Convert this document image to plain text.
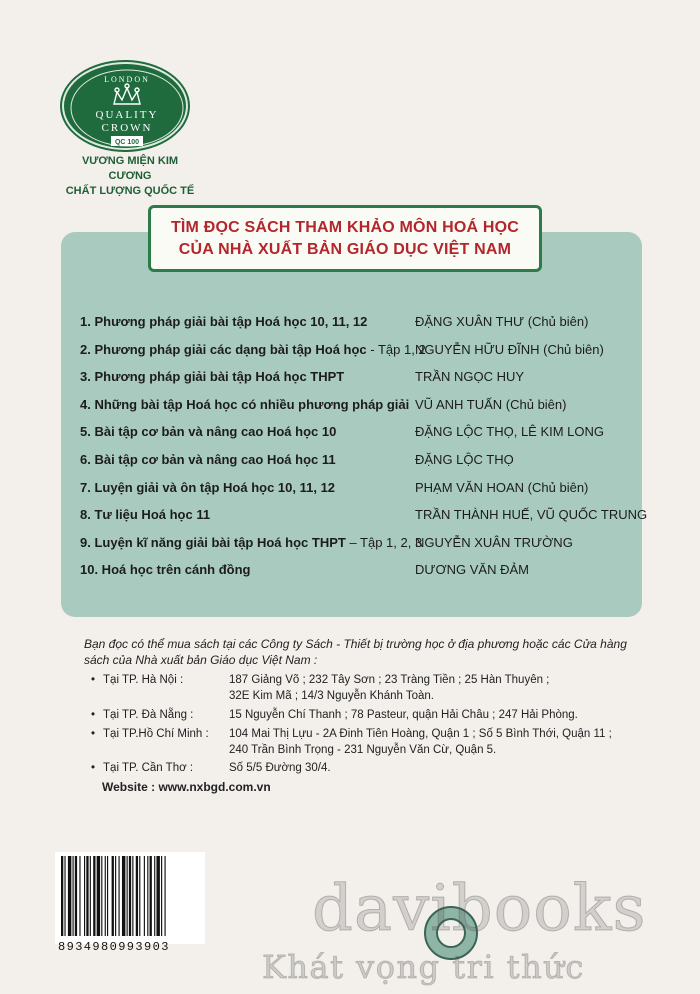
LONDON
QUALITY
CROWN
QC 100
VƯƠNG MIỆN KIM CƯƠNG
CHẤT LƯỢNG QUỐC TẾ
TÌM ĐỌC SÁCH THAM KHẢO MÔN HOÁ HỌC
CỦA NHÀ XUẤT BẢN GIÁO DỤC VIỆT NAM
1. Phương pháp giải bài tập Hoá học 10, 11, 12	ĐẶNG XUÂN THƯ (Chủ biên)
2. Phương pháp giải các dạng bài tập Hoá học - Tập 1, 2
NGUYỄN HỮU ĐĨNH (Chủ biên)
3. Phương pháp giải bài tập Hoá học THPT	TRẦN NGỌC HUY
4. Những bài tập Hoá học có nhiều phương pháp giải VŨ ANH TUẤN (Chủ biên)
5. Bài tập cơ bản và nâng cao Hoá học 10	ĐẶNG LỘC THỌ, LÊ KIM LONG
6. Bài tập cơ bản và nâng cao Hoá học 11	ĐẶNG LỘC THỌ
7. Luyện giải và ôn tập Hoá học 10, 11, 12	PHẠM VĂN HOAN (Chủ biên)
8. Tư liệu Hoá học 11	TRẦN THÀNH HUẾ, VŨ QUỐC TRUNG
9. Luyện kĩ năng giải bài tập Hoá học THPT – Tập 1, 2, 3
NGUYỄN XUÂN TRƯỜNG
10. Hoá học trên cánh đồng	DƯƠNG VĂN ĐẢM
Bạn đọc có thể mua sách tại các Công ty Sách - Thiết bị trường học ở địa phương hoặc các Cửa hàng sách của Nhà xuất bản Giáo dục Việt Nam :
• Tại TP. Hà Nội :	187 Giảng Võ ; 232 Tây Sơn ; 23 Tràng Tiền ; 25 Hàn Thuyên ;
32E Kim Mã ; 14/3 Nguyễn Khánh Toàn.
• Tại TP. Đà Nẵng :	15 Nguyễn Chí Thanh ; 78 Pasteur, quận Hải Châu ; 247 Hải Phòng.
• Tại TP.Hồ Chí Minh : 104 Mai Thị Lựu - 2A Đinh Tiên Hoàng, Quận 1 ; Số 5 Bình Thới, Quận 11 ;
240 Trần Bình Trọng - 231 Nguyễn Văn Cừ, Quận 5.
• Tại TP. Cần Thơ :	Số 5/5 Đường 30/4.
Website : www.nxbgd.com.vn
8934980993903
davibooks
Khát vọng tri thức
